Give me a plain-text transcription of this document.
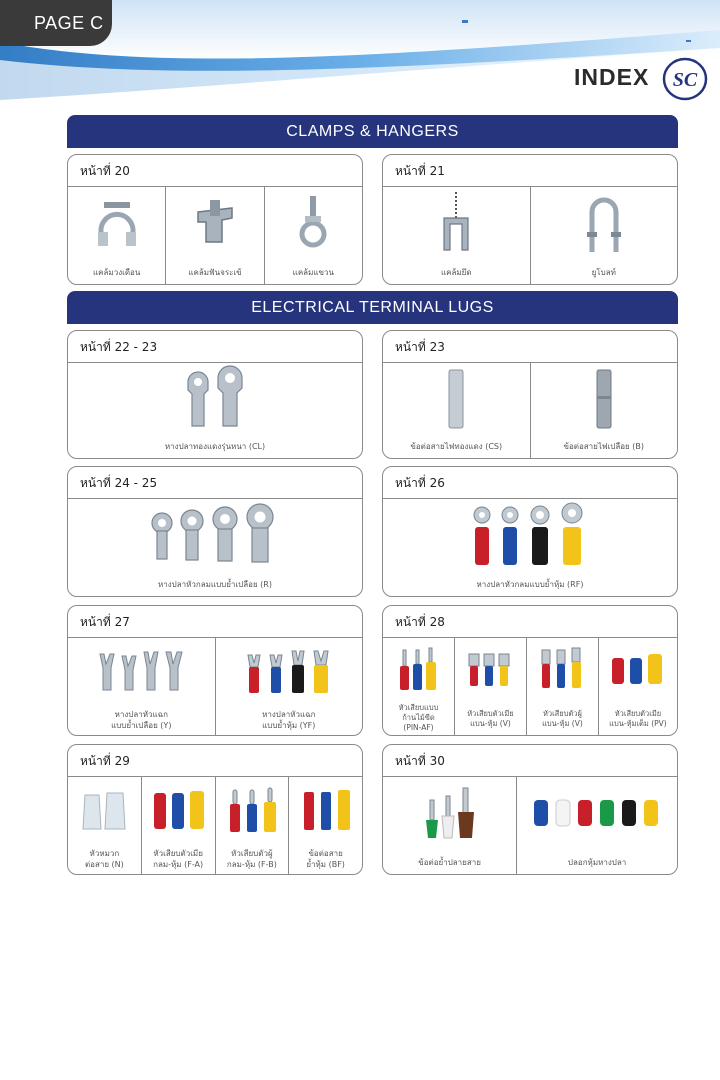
PAGE C
INDEX SC
CLAMPS & HANGERS
หน้าที่ 20
แคล้มวงเดือน	แคล้มฟันจระเข้	แคล้มแขวน
หน้าที่ 21
แคล้มยึด	ยูโบลท์
ELECTRICAL TERMINAL LUGS
หน้าที่ 22 - 23
หางปลาทองแดงรุ่นหนา (CL)
หน้าที่ 23
ข้อต่อสายไฟทองแดง (CS)	ข้อต่อสายไฟเปลือย (B)
หน้าที่ 24 - 25
หางปลาหัวกลมแบบย้ำเปลือย (R)
หน้าที่ 26
หางปลาหัวกลมแบบย้ำหุ้ม (RF)
หน้าที่ 27
หางปลาหัวแฉก
แบบย้ำเปลือย (Y)
หางปลาหัวแฉก
แบบย้ำหุ้ม (YF)
หน้าที่ 28
หัวเสียบแบบ
ก้านไม้ขีด
(PIN-AF)
หัวเสียบตัวเมีย
แบน-หุ้ม (V)
หัวเสียบตัวผู้
แบน-หุ้ม (V)
หัวเสียบตัวเมีย
แบน-หุ้มเต็ม (PV)
หน้าที่ 29
หัวหมวก
ต่อสาย (N)
หัวเสียบตัวเมีย
กลม-หุ้ม (F-A)
หัวเสียบตัวผู้
กลม-หุ้ม (F-B)
ข้อต่อสาย
ย้ำหุ้ม (BF)
หน้าที่ 30
ข้อต่อย้ำปลายสาย	ปลอกหุ้มหางปลา
